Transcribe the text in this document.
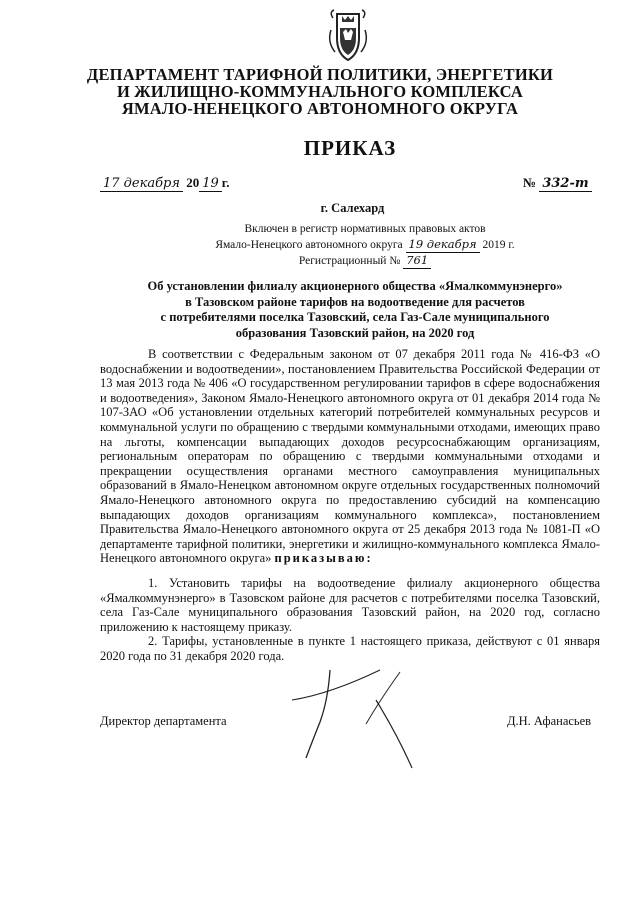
ДЕПАРТАМЕНТ ТАРИФНОЙ ПОЛИТИКИ, ЭНЕРГЕТИКИ
И ЖИЛИЩНО-КОММУНАЛЬНОГО КОМПЛЕКСА
ЯМАЛО-НЕНЕЦКОГО АВТОНОМНОГО ОКРУГА
ПРИКАЗ
17 декабря 20 19 г.	№ 332-т
г. Салехард
Включен в регистр нормативных правовых актов
Ямало-Ненецкого автономного округа 19 декабря 2019 г.
Регистрационный № 761
Об установлении филиалу акционерного общества «Ямалкоммунэнерго»
в Тазовском районе тарифов на водоотведение для расчетов
с потребителями поселка Тазовский, села Газ-Сале муниципального
образования Тазовский район, на 2020 год

В соответствии с Федеральным законом от 07 декабря 2011 года № 416-ФЗ «О водоснабжении и водоотведении», постановлением Правительства Российской Федерации от 13 мая 2013 года № 406 «О государственном регулировании тарифов в сфере водоснабжения и водоотведения», Законом Ямало-Ненецкого автономного округа от 01 декабря 2014 года № 107-ЗАО «Об установлении отдельных категорий потребителей коммунальных ресурсов и коммунальной услуги по обращению с твердыми коммунальными отходами, имеющих право на льготы, компенсации выпадающих доходов ресурсоснабжающим организациям, региональным операторам по обращению с твердыми коммунальными отходами и прекращении осуществления органами местного самоуправления муниципальных образований в Ямало-Ненецком автономном округе отдельных государственных полномочий Ямало-Ненецкого автономного округа по предоставлению субсидий на компенсацию выпадающих доходов организациям коммунального комплекса», постановлением Правительства Ямало-Ненецкого автономного округа от 25 декабря 2013 года № 1081-П «О департаменте тарифной политики, энергетики и жилищно-коммунального комплекса Ямало-Ненецкого автономного округа» приказываю:

1. Установить тарифы на водоотведение филиалу акционерного общества «Ямалкоммунэнерго» в Тазовском районе для расчетов с потребителями поселка Тазовский, села Газ-Сале муниципального образования Тазовский район, на 2020 год, согласно приложению к настоящему приказу.

2. Тарифы, установленные в пункте 1 настоящего приказа, действуют с 01 января 2020 года по 31 декабря 2020 года.

Директор департамента	Д.Н. Афанасьев
